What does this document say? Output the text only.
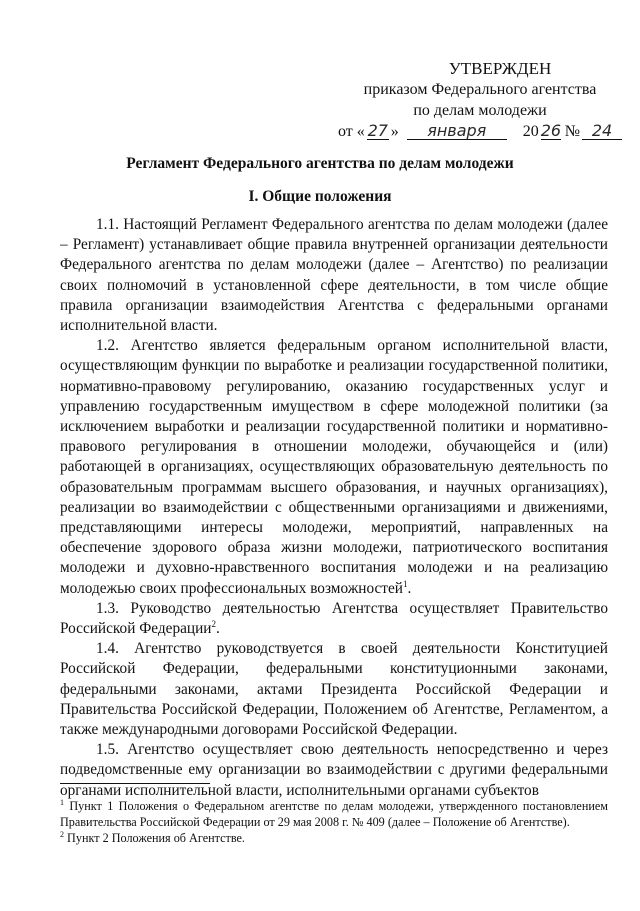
УТВЕРЖДЕН
приказом Федерального агентства
по делам молодежи
от « 27 »	января	20 26 № 24
Регламент Федерального агентства по делам молодежи
I. Общие положения

1.1. Настоящий Регламент Федерального агентства по делам молодежи (далее – Регламент) устанавливает общие правила внутренней организации деятельности Федерального агентства по делам молодежи (далее – Агентство) по реализации своих полномочий в установленной сфере деятельности, в том числе общие правила организации взаимодействия Агентства с федеральными органами исполнительной власти.

1.2. Агентство является федеральным органом исполнительной власти, осуществляющим функции по выработке и реализации государственной политики, нормативно-правовому регулированию, оказанию государственных услуг и управлению государственным имуществом в сфере молодежной политики (за исключением выработки и реализации государственной политики и нормативно-правового регулирования в отношении молодежи, обучающейся и (или) работающей в организациях, осуществляющих образовательную деятельность по образовательным программам высшего образования, и научных организациях), реализации во взаимодействии с общественными организациями и движениями, представляющими интересы молодежи, мероприятий, направленных на обеспечение здорового образа жизни молодежи, патриотического воспитания молодежи и духовно-нравственного воспитания молодежи и на реализацию молодежью своих профессиональных возможностей$^1$.

1.3. Руководство деятельностью Агентства осуществляет Правительство Российской Федерации$^2$.

1.4. Агентство руководствуется в своей деятельности Конституцией Российской Федерации, федеральными конституционными законами, федеральными законами, актами Президента Российской Федерации и Правительства Российской Федерации, Положением об Агентстве, Регламентом, а также международными договорами Российской Федерации.

1.5. Агентство осуществляет свою деятельность непосредственно и через подведомственные ему организации во взаимодействии с другими федеральными органами исполнительной власти, исполнительными органами субъектов

$^1$ Пункт 1 Положения о Федеральном агентстве по делам молодежи, утвержденного постановлением Правительства Российской Федерации от 29 мая 2008 г. № 409 (далее – Положение об Агентстве).

$^2$ Пункт 2 Положения об Агентстве.
